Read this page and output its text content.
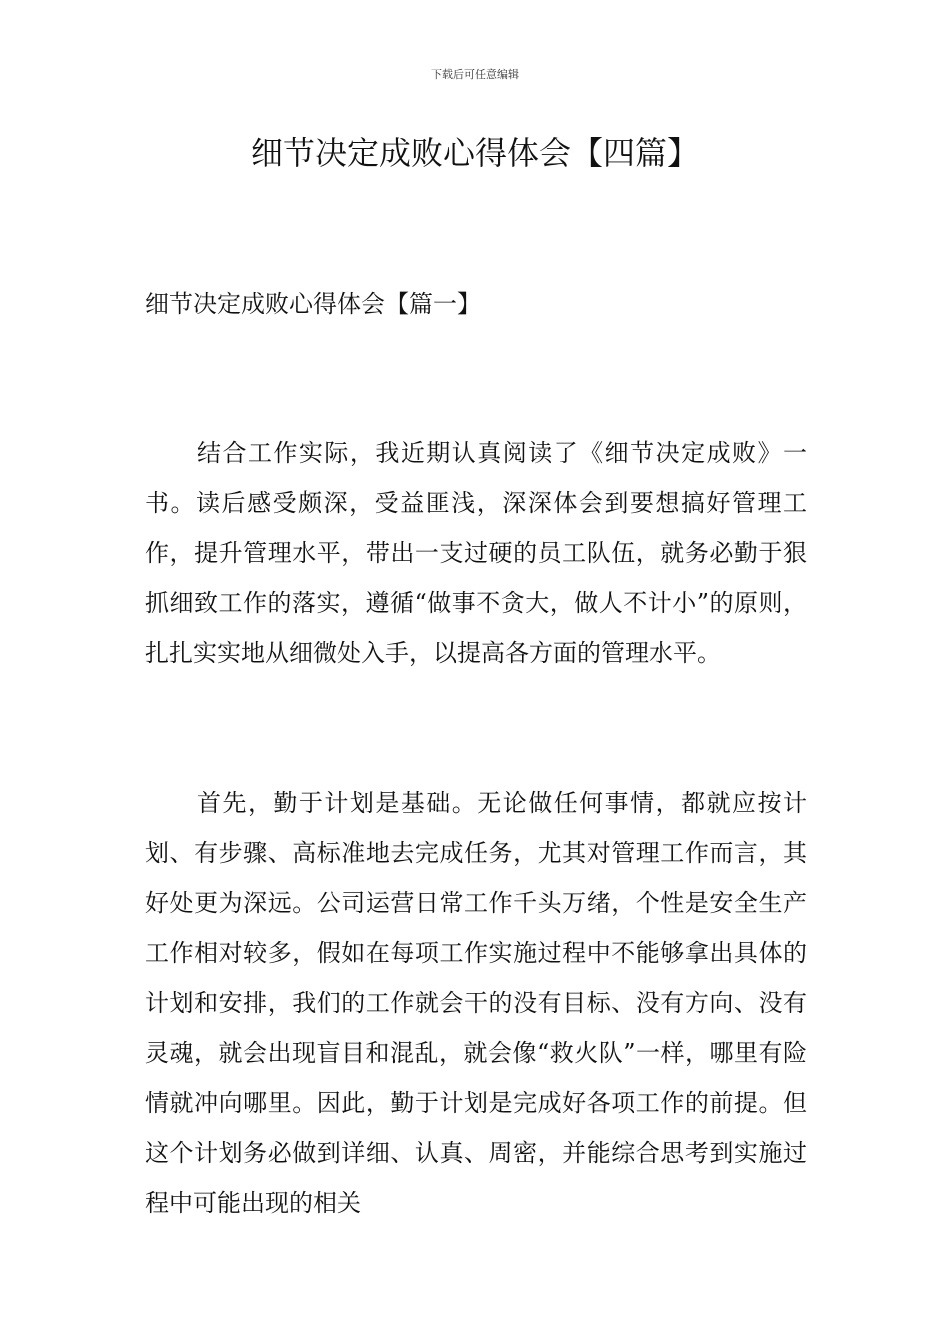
下载后可任意编辑
细节决定成败心得体会【四篇】
细节决定成败心得体会【篇一】

结合工作实际，我近期认真阅读了《细节决定成败》一书。读后感受颇深，受益匪浅，深深体会到要想搞好管理工作，提升管理水平，带出一支过硬的员工队伍，就务必勤于狠抓细致工作的落实，遵循“做事不贪大，做人不计小”的原则，扎扎实实地从细微处入手，以提高各方面的管理水平。

首先，勤于计划是基础。无论做任何事情，都就应按计划、有步骤、高标准地去完成任务，尤其对管理工作而言，其好处更为深远。公司运营日常工作千头万绪，个性是安全生产工作相对较多，假如在每项工作实施过程中不能够拿出具体的计划和安排，我们的工作就会干的没有目标、没有方向、没有灵魂，就会出现盲目和混乱，就会像“救火队”一样，哪里有险情就冲向哪里。因此，勤于计划是完成好各项工作的前提。但这个计划务必做到详细、认真、周密，并能综合思考到实施过程中可能出现的相关
